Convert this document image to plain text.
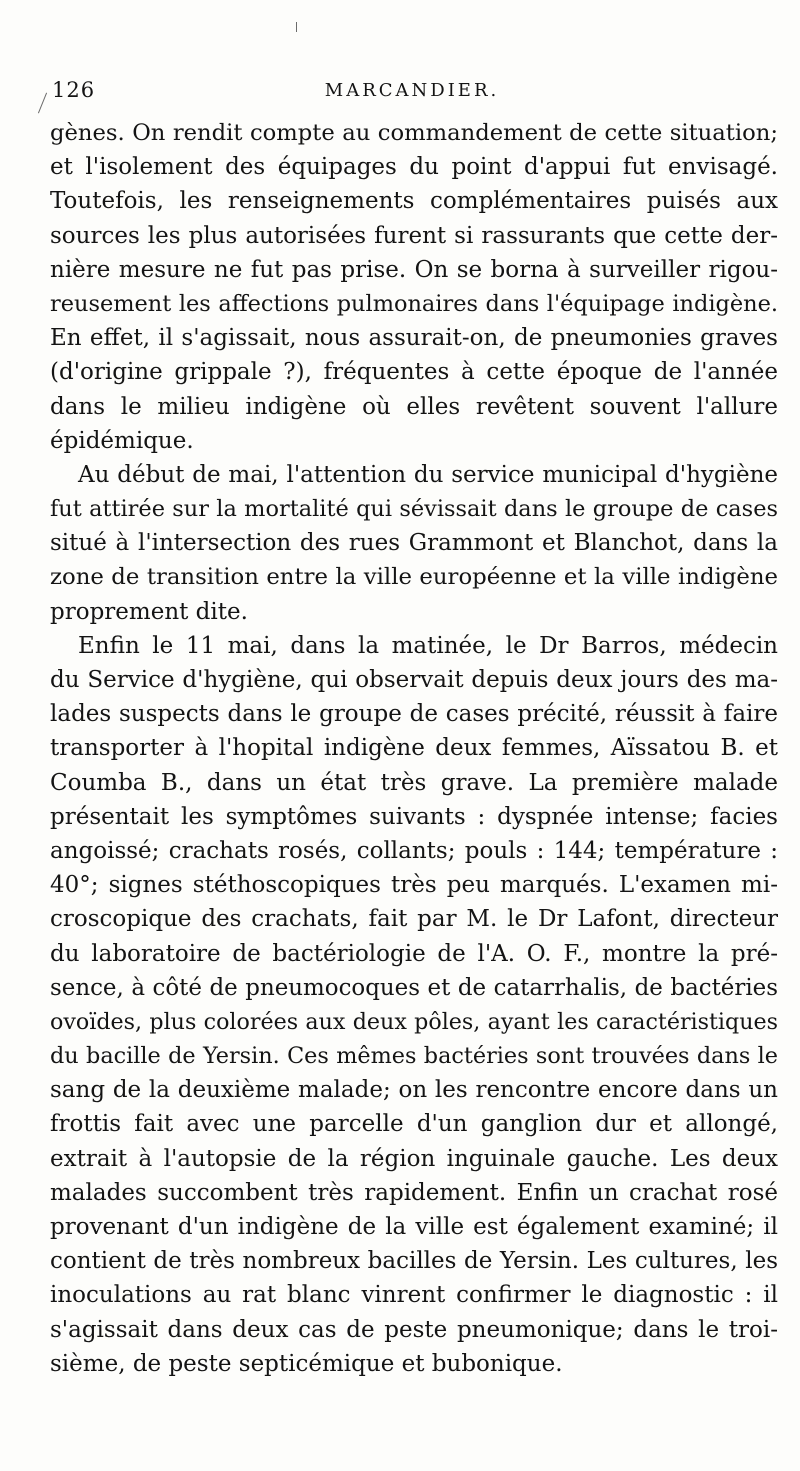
126	MARCANDIER.
gènes. On rendit compte au commandement de cette situation;
et l'isolement des équipages du point d'appui fut envisagé.
Toutefois, les renseignements complémentaires puisés aux
sources les plus autorisées furent si rassurants que cette der-
nière mesure ne fut pas prise. On se borna à surveiller rigou-
reusement les affections pulmonaires dans l'équipage indigène.
En effet, il s'agissait, nous assurait-on, de pneumonies graves
(d'origine grippale ?), fréquentes à cette époque de l'année
dans le milieu indigène où elles revêtent souvent l'allure
épidémique.
Au début de mai, l'attention du service municipal d'hygiène
fut attirée sur la mortalité qui sévissait dans le groupe de cases
situé à l'intersection des rues Grammont et Blanchot, dans la
zone de transition entre la ville européenne et la ville indigène
proprement dite.
Enfin le 11 mai, dans la matinée, le Dr Barros, médecin
du Service d'hygiène, qui observait depuis deux jours des ma-
lades suspects dans le groupe de cases précité, réussit à faire
transporter à l'hopital indigène deux femmes, Aïssatou B. et
Coumba B., dans un état très grave. La première malade
présentait les symptômes suivants : dyspnée intense; facies
angoissé; crachats rosés, collants; pouls : 144; température :
40°; signes stéthoscopiques très peu marqués. L'examen mi-
croscopique des crachats, fait par M. le Dr Lafont, directeur
du laboratoire de bactériologie de l'A. O. F., montre la pré-
sence, à côté de pneumocoques et de catarrhalis, de bactéries
ovoïdes, plus colorées aux deux pôles, ayant les caractéristiques
du bacille de Yersin. Ces mêmes bactéries sont trouvées dans le
sang de la deuxième malade; on les rencontre encore dans un
frottis fait avec une parcelle d'un ganglion dur et allongé,
extrait à l'autopsie de la région inguinale gauche. Les deux
malades succombent très rapidement. Enfin un crachat rosé
provenant d'un indigène de la ville est également examiné; il
contient de très nombreux bacilles de Yersin. Les cultures, les
inoculations au rat blanc vinrent confirmer le diagnostic : il
s'agissait dans deux cas de peste pneumonique; dans le troi-
sième, de peste septicémique et bubonique.
